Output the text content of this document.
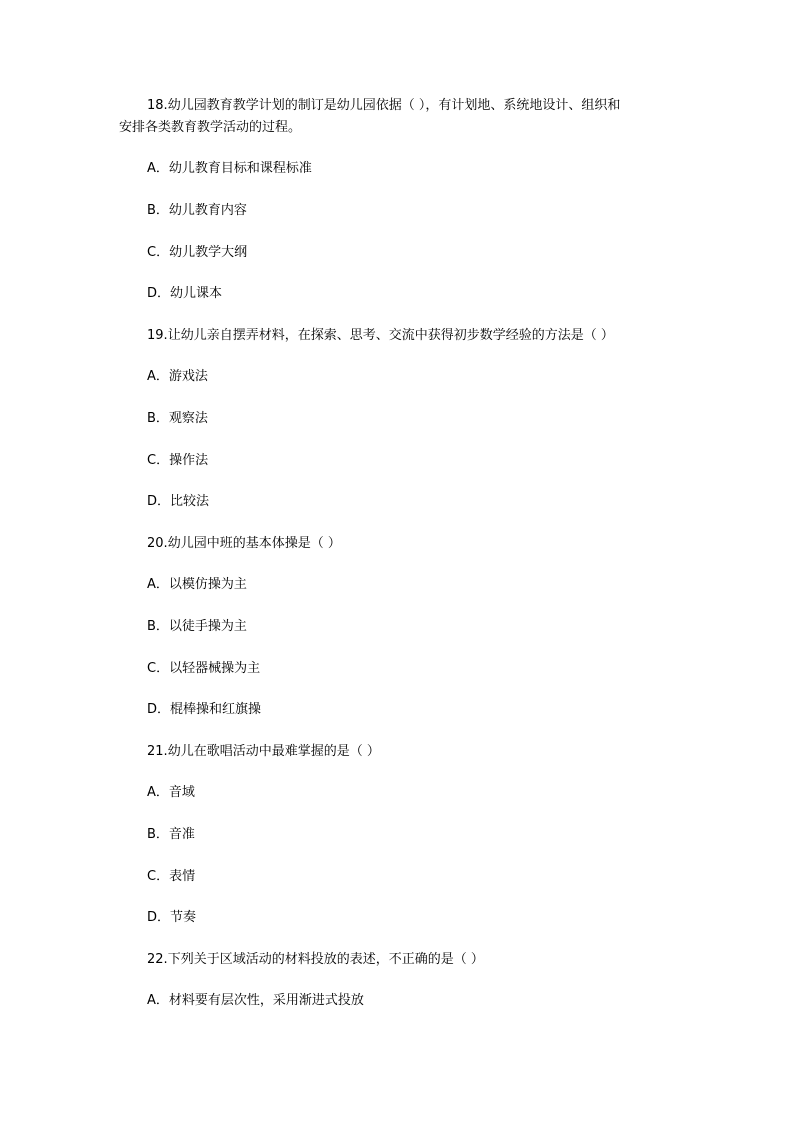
18.幼儿园教育教学计划的制订是幼儿园依据（ ），有计划地、系统地设计、组织和
安排各类教育教学活动的过程。
A．幼儿教育目标和课程标准
B．幼儿教育内容
C．幼儿教学大纲
D．幼儿课本
19.让幼儿亲自摆弄材料，在探索、思考、交流中获得初步数学经验的方法是（ ）
A．游戏法
B．观察法
C．操作法
D．比较法
20.幼儿园中班的基本体操是（ ）
A．以模仿操为主
B．以徒手操为主
C．以轻器械操为主
D．棍棒操和红旗操
21.幼儿在歌唱活动中最难掌握的是（ ）
A．音域
B．音准
C．表情
D．节奏
22.下列关于区域活动的材料投放的表述，不正确的是（ ）
A．材料要有层次性，采用渐进式投放
